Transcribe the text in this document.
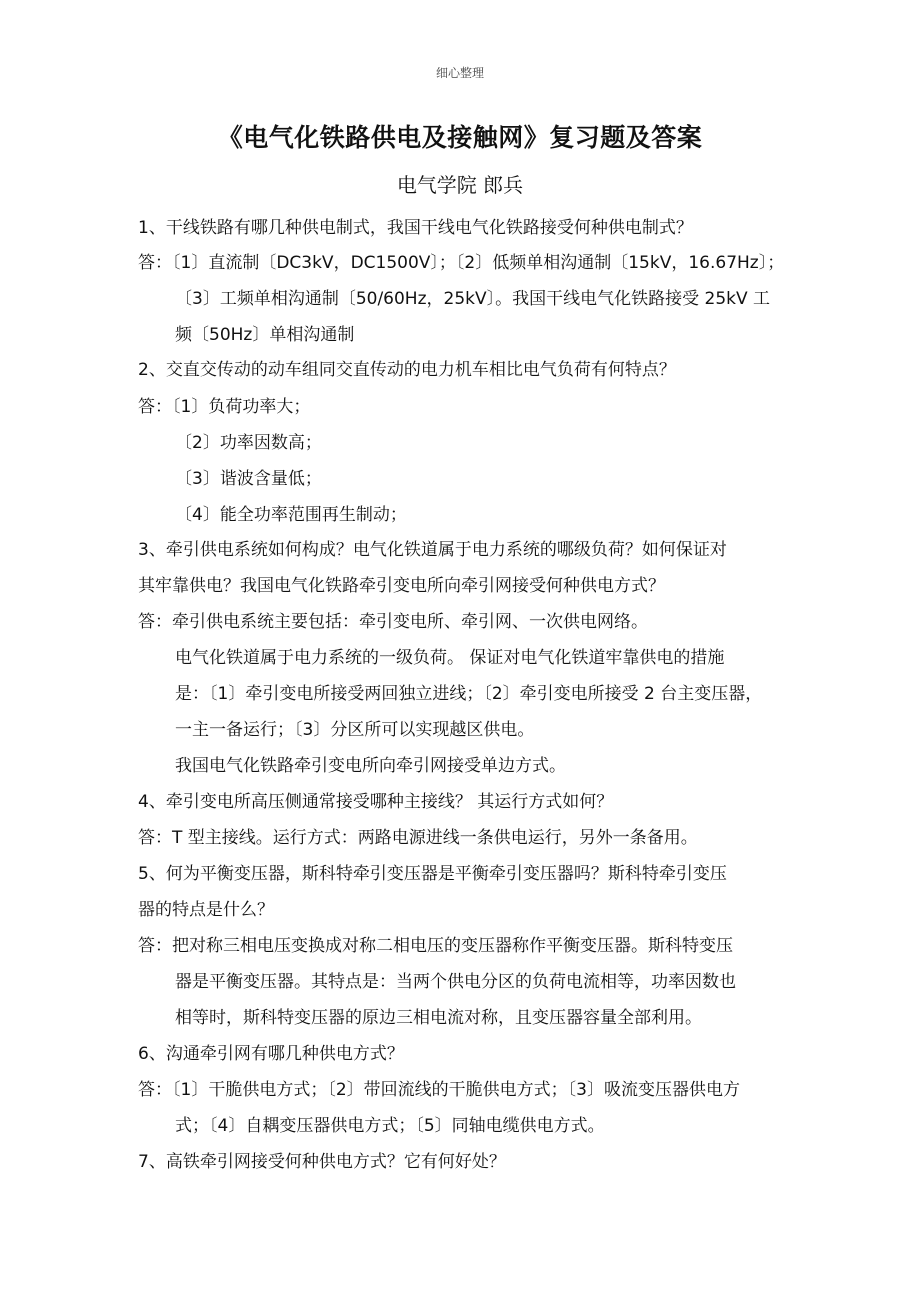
细心整理
《电气化铁路供电及接触网》复习题及答案
电气学院 郎兵
1、干线铁路有哪几种供电制式，我国干线电气化铁路接受何种供电制式？
答：〔1〕直流制〔DC3kV，DC1500V〕；〔2〕低频单相沟通制〔15kV，16.67Hz〕；
〔3〕工频单相沟通制〔50/60Hz，25kV〕。我国干线电气化铁路接受 25kV 工
频〔50Hz〕单相沟通制
2、交直交传动的动车组同交直传动的电力机车相比电气负荷有何特点？
答：〔1〕负荷功率大；
〔2〕功率因数高；
〔3〕谐波含量低；
〔4〕能全功率范围再生制动；
3、牵引供电系统如何构成？电气化铁道属于电力系统的哪级负荷？如何保证对
其牢靠供电？我国电气化铁路牵引变电所向牵引网接受何种供电方式？
答：牵引供电系统主要包括：牵引变电所、牵引网、一次供电网络。
电气化铁道属于电力系统的一级负荷。 保证对电气化铁道牢靠供电的措施
是：〔1〕牵引变电所接受两回独立进线；〔2〕牵引变电所接受 2 台主变压器，
一主一备运行；〔3〕分区所可以实现越区供电。
我国电气化铁路牵引变电所向牵引网接受单边方式。
4、牵引变电所高压侧通常接受哪种主接线？ 其运行方式如何？
答：T 型主接线。运行方式：两路电源进线一条供电运行，另外一条备用。
5、何为平衡变压器，斯科特牵引变压器是平衡牵引变压器吗？斯科特牵引变压
器的特点是什么？
答：把对称三相电压变换成对称二相电压的变压器称作平衡变压器。斯科特变压
器是平衡变压器。其特点是：当两个供电分区的负荷电流相等，功率因数也
相等时，斯科特变压器的原边三相电流对称，且变压器容量全部利用。
6、沟通牵引网有哪几种供电方式？
答：〔1〕干脆供电方式；〔2〕带回流线的干脆供电方式；〔3〕吸流变压器供电方
式；〔4〕自耦变压器供电方式；〔5〕同轴电缆供电方式。
7、高铁牵引网接受何种供电方式？它有何好处？
